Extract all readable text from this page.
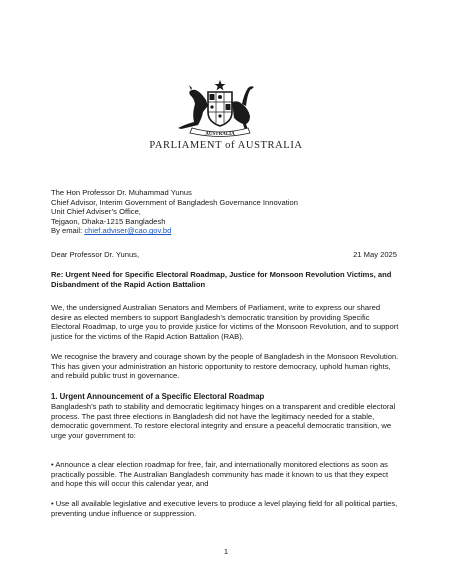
AUSTRALIA
PARLIAMENT of AUSTRALIA
The Hon Professor Dr. Muhammad Yunus
Chief Advisor, Interim Government of Bangladesh Governance Innovation
Unit Chief Adviser’s Office,
Tejgaon, Dhaka-1215 Bangladesh
By email: chief.adviser@cao.gov.bd
Dear Professor Dr. Yunus,	21 May 2025
Re: Urgent Need for Specific Electoral Roadmap, Justice for Monsoon Revolution Victims, and Disbandment of the Rapid Action Battalion
We, the undersigned Australian Senators and Members of Parliament, write to express our shared desire as elected members to support Bangladesh’s democratic transition by providing Specific Electoral Roadmap, to urge you to provide justice for victims of the Monsoon Revolution, and to support justice for the victims of the Rapid Action Battalion (RAB).
We recognise the bravery and courage shown by the people of Bangladesh in the Monsoon Revolution. This has given your administration an historic opportunity to restore democracy, uphold human rights, and rebuild public trust in governance.
1. Urgent Announcement of a Specific Electoral Roadmap
Bangladesh’s path to stability and democratic legitimacy hinges on a transparent and credible electoral process. The past three elections in Bangladesh did not have the legitimacy needed for a stable, democratic government. To restore electoral integrity and ensure a peaceful democratic transition, we urge your government to:
• Announce a clear election roadmap for free, fair, and internationally monitored elections as soon as practically possible. The Australian Bangladesh community has made it known to us that they expect and hope this will occur this calendar year, and
• Use all available legislative and executive levers to produce a level playing field for all political parties, preventing undue influence or suppression.
1
